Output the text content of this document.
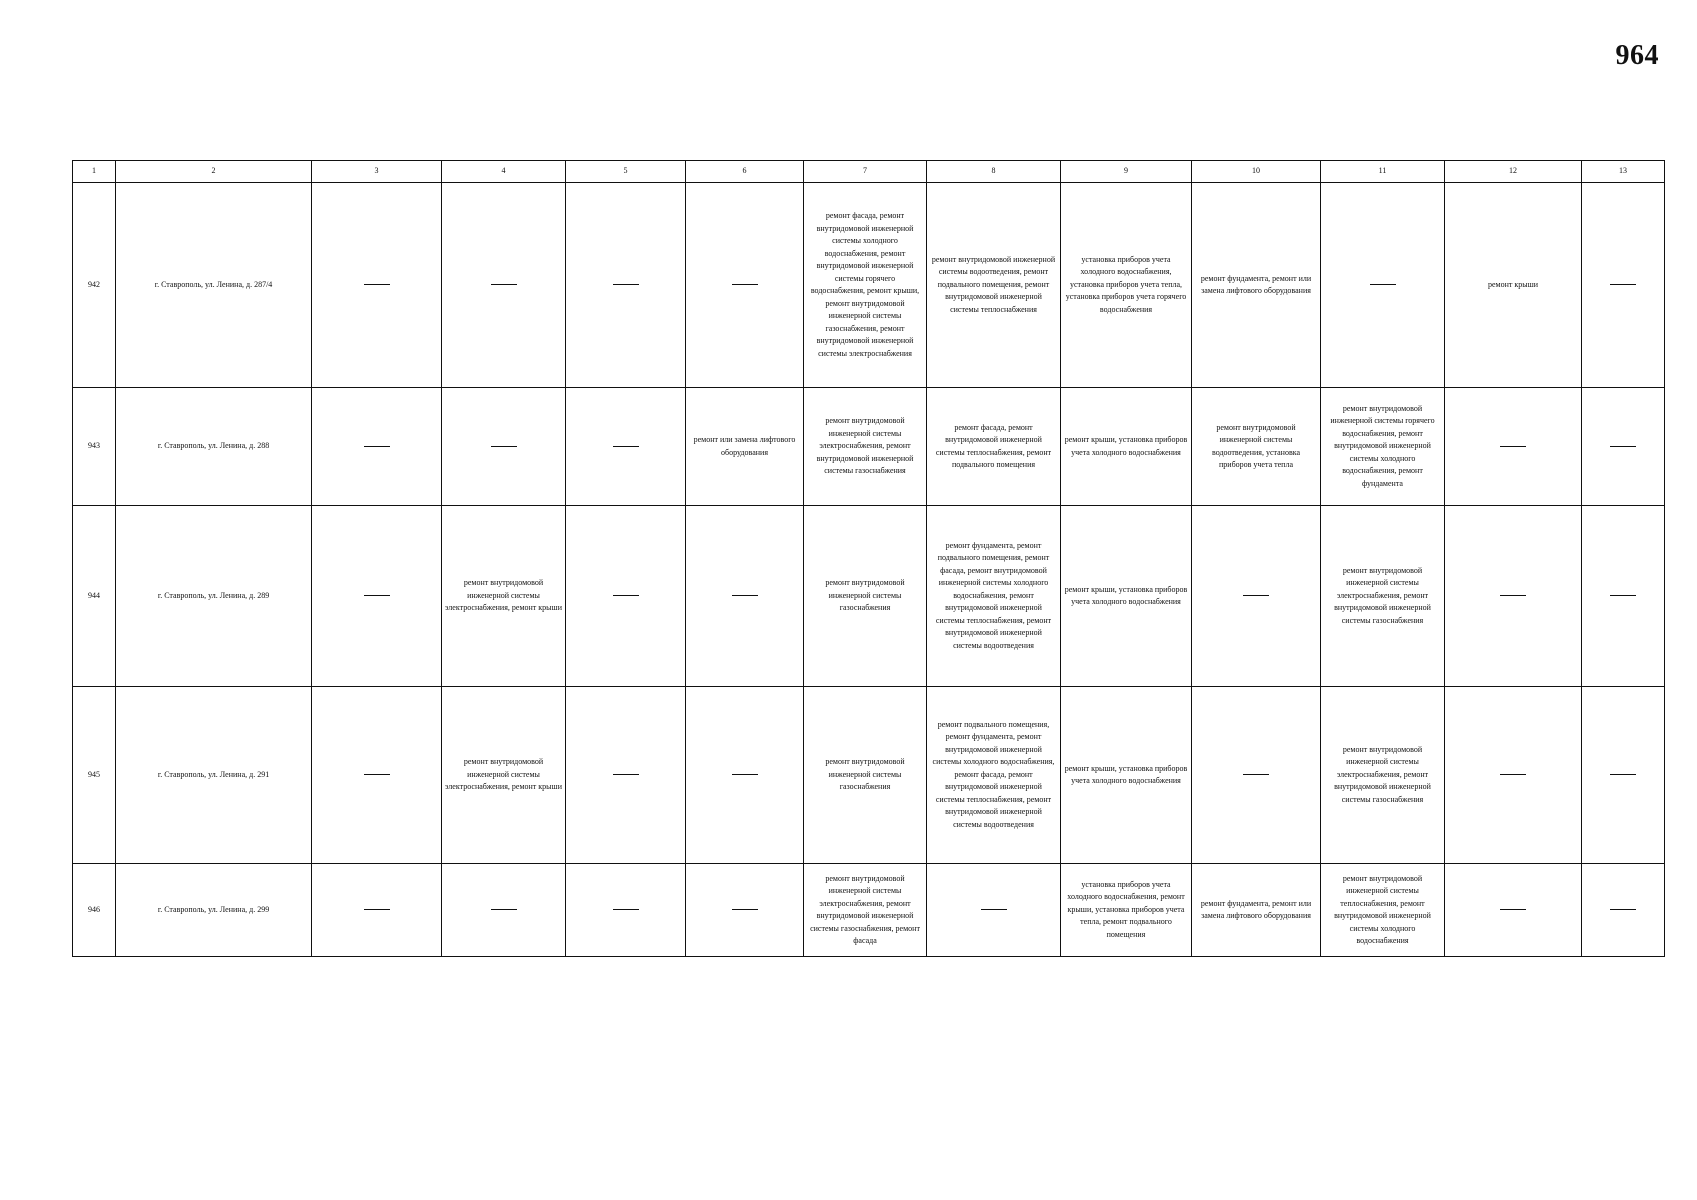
964
1	2	3	4	5	6	7	8	9	10	11	12	13
942	г. Ставрополь, ул. Ленина, д. 287/4					ремонт фасада, ремонт внутридомовой инженерной системы холодного водоснабжения, ремонт внутридомовой инженерной системы горячего водоснабжения, ремонт крыши, ремонт внутридомовой инженерной системы газоснабжения, ремонт внутридомовой инженерной системы электроснабжения	ремонт внутридомовой инженерной системы водоотведения, ремонт подвального помещения, ремонт внутридомовой инженерной системы теплоснабжения	установка приборов учета холодного водоснабжения, установка приборов учета тепла, установка приборов учета горячего водоснабжения	ремонт фундамента, ремонт или замена лифтового оборудования		ремонт крыши	
943	г. Ставрополь, ул. Ленина, д. 288				ремонт или замена лифтового оборудования	ремонт внутридомовой инженерной системы электроснабжения, ремонт внутридомовой инженерной системы газоснабжения	ремонт фасада, ремонт внутридомовой инженерной системы теплоснабжения, ремонт подвального помещения	ремонт крыши, установка приборов учета холодного водоснабжения	ремонт внутридомовой инженерной системы водоотведения, установка приборов учета тепла	ремонт внутридомовой инженерной системы горячего водоснабжения, ремонт внутридомовой инженерной системы холодного водоснабжения, ремонт фундамента		
944	г. Ставрополь, ул. Ленина, д. 289		ремонт внутридомовой инженерной системы электроснабжения, ремонт крыши			ремонт внутридомовой инженерной системы газоснабжения	ремонт фундамента, ремонт подвального помещения, ремонт фасада, ремонт внутридомовой инженерной системы холодного водоснабжения, ремонт внутридомовой инженерной системы теплоснабжения, ремонт внутридомовой инженерной системы водоотведения	ремонт крыши, установка приборов учета холодного водоснабжения		ремонт внутридомовой инженерной системы электроснабжения, ремонт внутридомовой инженерной системы газоснабжения		
945	г. Ставрополь, ул. Ленина, д. 291		ремонт внутридомовой инженерной системы электроснабжения, ремонт крыши			ремонт внутридомовой инженерной системы газоснабжения	ремонт подвального помещения, ремонт фундамента, ремонт внутридомовой инженерной системы холодного водоснабжения, ремонт фасада, ремонт внутридомовой инженерной системы теплоснабжения, ремонт внутридомовой инженерной системы водоотведения	ремонт крыши, установка приборов учета холодного водоснабжения		ремонт внутридомовой инженерной системы электроснабжения, ремонт внутридомовой инженерной системы газоснабжения		
946	г. Ставрополь, ул. Ленина, д. 299					ремонт внутридомовой инженерной системы электроснабжения, ремонт внутридомовой инженерной системы газоснабжения, ремонт фасада		установка приборов учета холодного водоснабжения, ремонт крыши, установка приборов учета тепла, ремонт подвального помещения	ремонт фундамента, ремонт или замена лифтового оборудования	ремонт внутридомовой инженерной системы теплоснабжения, ремонт внутридомовой инженерной системы холодного водоснабжения		
